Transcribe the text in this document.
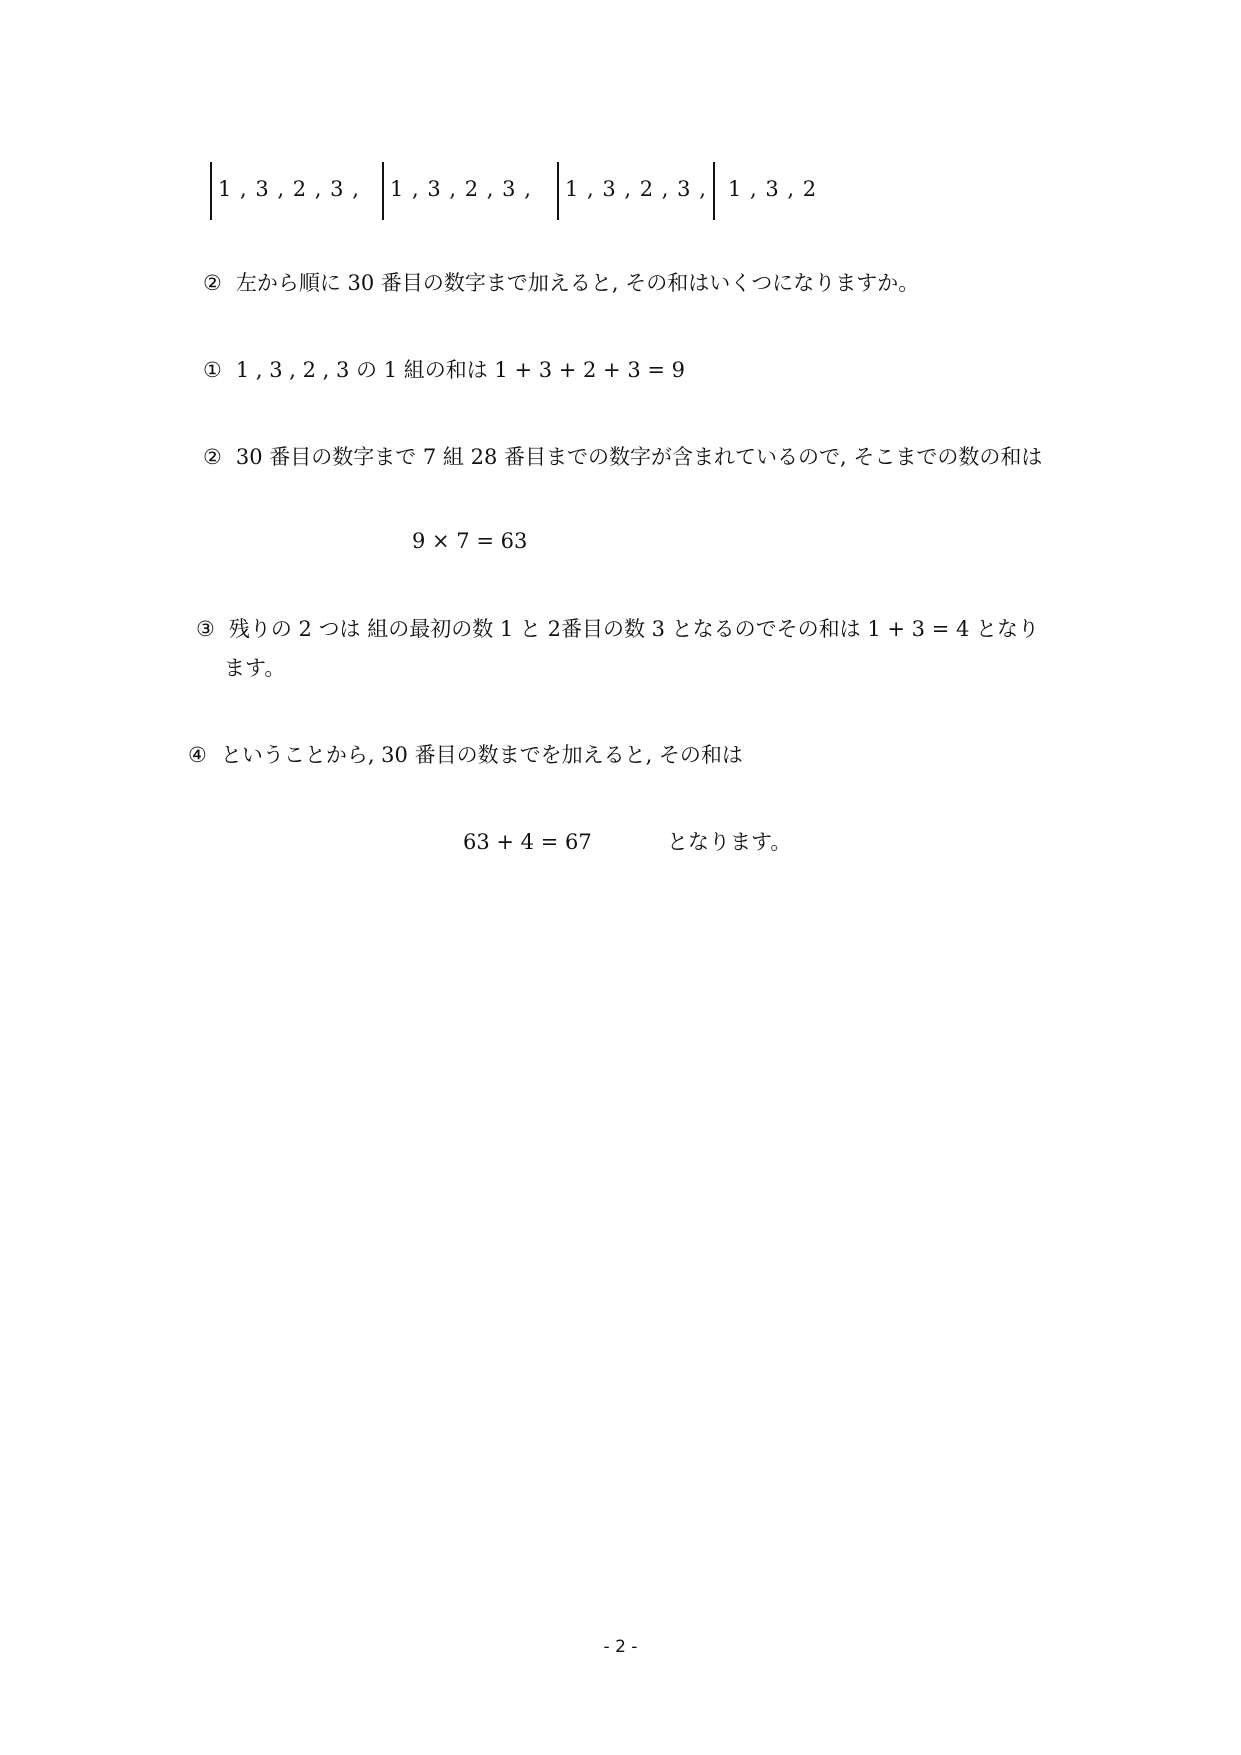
1 , 3 , 2 , 3 , 1 , 3 , 2 , 3 , 1 , 3 , 2 , 3 , 1 , 3 , 2
② 左から順に 30 番目の数字まで加えると, その和はいくつになりますか。
① 1 , 3 , 2 , 3 の 1 組の和は 1 + 3 + 2 + 3 = 9
② 30 番目の数字まで 7 組 28 番目までの数字が含まれているので, そこまでの数の和は
9 × 7 = 63
③ 残りの 2 つは 組の最初の数 1 と 2番目の数 3 となるのでその和は 1 + 3 = 4 となり
ます。
④ ということから, 30 番目の数までを加えると, その和は
63 + 4 = 67	となります。
- 2 -
